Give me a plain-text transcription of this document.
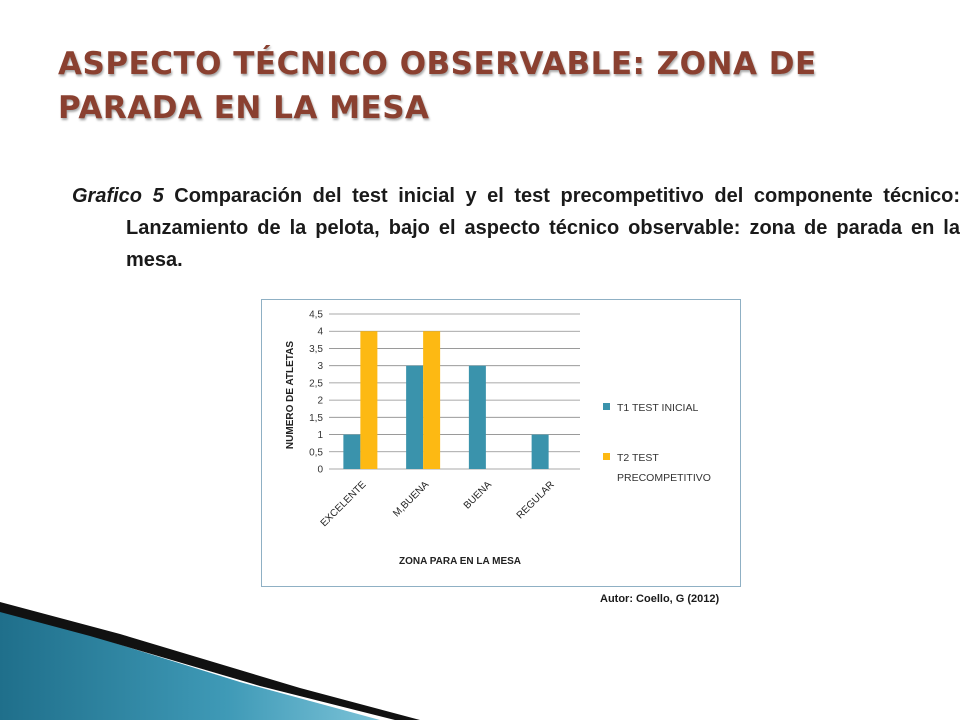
ASPECTO TÉCNICO OBSERVABLE: ZONA DE PARADA EN LA MESA

Grafico 5 Comparación del test inicial y el test precompetitivo del componente técnico: Lanzamiento de la pelota, bajo el aspecto técnico observable: zona de parada en la mesa.

0
0,5
1
1,5
2
2,5
3
3,5
4
4,5
EXCELENTE M,BUENA	BUENA REGULAR
NUMERO DE ATLETAS
ZONA PARA EN LA MESA
T1 TEST INICIAL
T2 TEST
PRECOMPETITIVO
Autor: Coello, G (2012)
